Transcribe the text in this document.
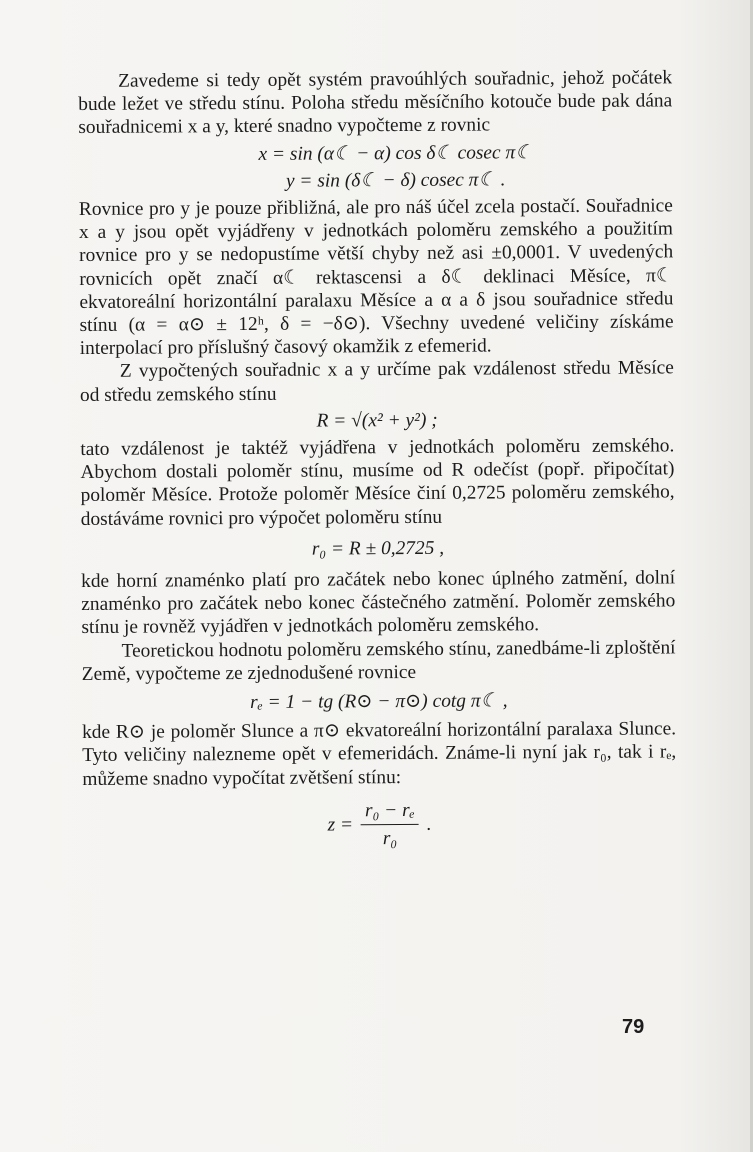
Zavedeme si tedy opět systém pravoúhlých souřadnic, jehož počátek bude ležet ve středu stínu. Poloha středu měsíčního kotouče bude pak dána souřadnicemi x a y, které snadno vypočteme z rovnic

x = sin (α☾ − α) cos δ☾ cosec π☾
y = sin (δ☾ − δ) cosec π☾ .

Rovnice pro y je pouze přibližná, ale pro náš účel zcela postačí. Souřadnice x a y jsou opět vyjádřeny v jednotkách poloměru zemského a použitím rovnice pro y se nedopustíme větší chyby než asi ±0,0001. V uvedených rovnicích opět značí α☾ rektascensi a δ☾ deklinaci Měsíce, π☾ ekvatoreální horizontální paralaxu Měsíce a α a δ jsou souřadnice středu stínu (α = α⊙ ± 12ʰ, δ = −δ⊙). Všechny uvedené veličiny získáme interpolací pro příslušný časový okamžik z efemerid.

Z vypočtených souřadnic x a y určíme pak vzdálenost středu Měsíce od středu zemského stínu

R = √(x² + y²) ;

tato vzdálenost je taktéž vyjádřena v jednotkách poloměru zemského. Abychom dostali poloměr stínu, musíme od R odečíst (popř. připočítat) poloměr Měsíce. Protože poloměr Měsíce činí 0,2725 poloměru zemského, dostáváme rovnici pro výpočet poloměru stínu

r₀ = R ± 0,2725 ,

kde horní znaménko platí pro začátek nebo konec úplného zatmění, dolní znaménko pro začátek nebo konec částečného zatmění. Poloměr zemského stínu je rovněž vyjádřen v jednotkách poloměru zemského.

Teoretickou hodnotu poloměru zemského stínu, zanedbáme-li zploštění Země, vypočteme ze zjednodušené rovnice

rₑ = 1 − tg (R⊙ − π⊙) cotg π☾ ,

kde R⊙ je poloměr Slunce a π⊙ ekvatoreální horizontální paralaxa Slunce. Tyto veličiny nalezneme opět v efemeridách. Známe-li nyní jak r₀, tak i rₑ, můžeme snadno vypočítat zvětšení stínu:

$z = \frac{\text{r₀ − rₑ}}{\text{r₀}}$ .
79
